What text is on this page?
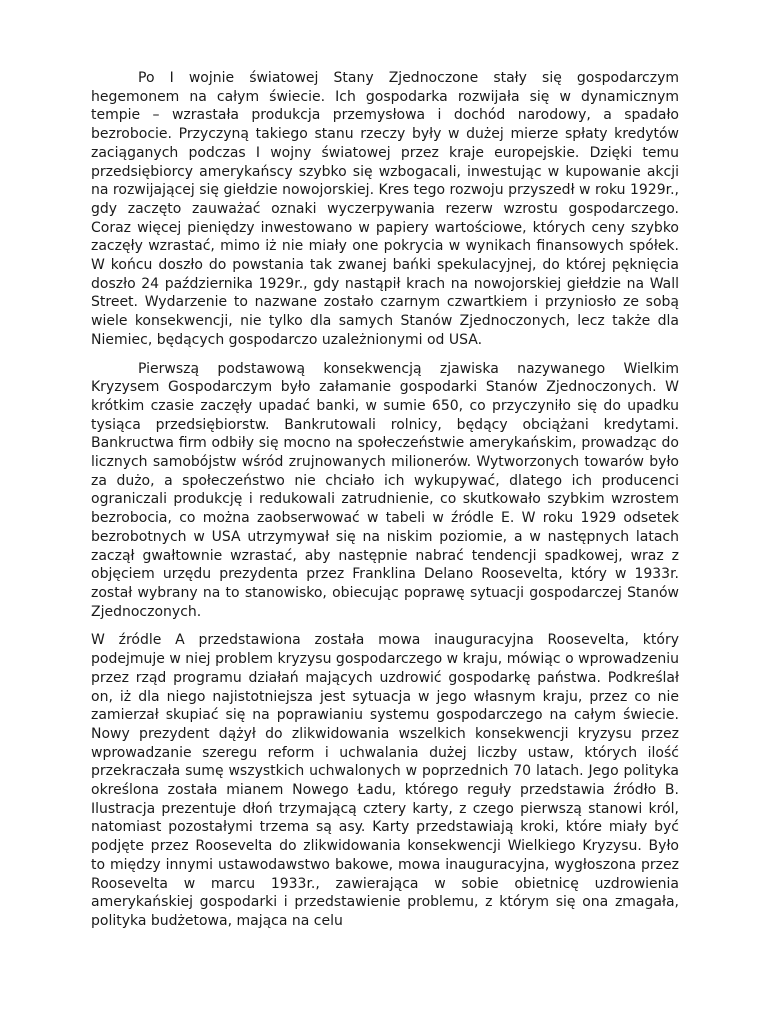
Po I wojnie światowej Stany Zjednoczone stały się gospodarczym hegemonem na całym świecie. Ich gospodarka rozwijała się w dynamicznym tempie – wzrastała produkcja przemysłowa i dochód narodowy, a spadało bezrobocie. Przyczyną takiego stanu rzeczy były w dużej mierze spłaty kredytów zaciąganych podczas I wojny światowej przez kraje europejskie. Dzięki temu przedsiębiorcy amerykańscy szybko się wzbogacali, inwestując w kupowanie akcji na rozwijającej się giełdzie nowojorskiej. Kres tego rozwoju przyszedł w roku 1929r., gdy zaczęto zauważać oznaki wyczerpywania rezerw wzrostu gospodarczego. Coraz więcej pieniędzy inwestowano w papiery wartościowe, których ceny szybko zaczęły wzrastać, mimo iż nie miały one pokrycia w wynikach finansowych spółek. W końcu doszło do powstania tak zwanej bańki spekulacyjnej, do której pęknięcia doszło 24 października 1929r., gdy nastąpił krach na nowojorskiej giełdzie na Wall Street. Wydarzenie to nazwane zostało czarnym czwartkiem i przyniosło ze sobą wiele konsekwencji, nie tylko dla samych Stanów Zjednoczonych, lecz także dla Niemiec, będących gospodarczo uzależnionymi od USA.

Pierwszą podstawową konsekwencją zjawiska nazywanego Wielkim Kryzysem Gospodarczym było załamanie gospodarki Stanów Zjednoczonych. W krótkim czasie zaczęły upadać banki, w sumie 650, co przyczyniło się do upadku tysiąca przedsiębiorstw. Bankrutowali rolnicy, będący obciążani kredytami. Bankructwa firm odbiły się mocno na społeczeństwie amerykańskim, prowadząc do licznych samobójstw wśród zrujnowanych milionerów. Wytworzonych towarów było za dużo, a społeczeństwo nie chciało ich wykupywać, dlatego ich producenci ograniczali produkcję i redukowali zatrudnienie, co skutkowało szybkim wzrostem bezrobocia, co można zaobserwować w tabeli w źródle E. W roku 1929 odsetek bezrobotnych w USA utrzymywał się na niskim poziomie, a w następnych latach zaczął gwałtownie wzrastać, aby następnie nabrać tendencji spadkowej, wraz z objęciem urzędu prezydenta przez Franklina Delano Roosevelta, który w 1933r. został wybrany na to stanowisko, obiecując poprawę sytuacji gospodarczej Stanów Zjednoczonych.

W źródle A przedstawiona została mowa inauguracyjna Roosevelta, który podejmuje w niej problem kryzysu gospodarczego w kraju, mówiąc o wprowadzeniu przez rząd programu działań mających uzdrowić gospodarkę państwa. Podkreślał on, iż dla niego najistotniejsza jest sytuacja w jego własnym kraju, przez co nie zamierzał skupiać się na poprawianiu systemu gospodarczego na całym świecie. Nowy prezydent dążył do zlikwidowania wszelkich konsekwencji kryzysu przez wprowadzanie szeregu reform i uchwalania dużej liczby ustaw, których ilość przekraczała sumę wszystkich uchwalonych w poprzednich 70 latach. Jego polityka określona została mianem Nowego Ładu, którego reguły przedstawia źródło B. Ilustracja prezentuje dłoń trzymającą cztery karty, z czego pierwszą stanowi król, natomiast pozostałymi trzema są asy. Karty przedstawiają kroki, które miały być podjęte przez Roosevelta do zlikwidowania konsekwencji Wielkiego Kryzysu. Było to między innymi ustawodawstwo bakowe, mowa inauguracyjna, wygłoszona przez Roosevelta w marcu 1933r., zawierająca w sobie obietnicę uzdrowienia amerykańskiej gospodarki i przedstawienie problemu, z którym się ona zmagała, polityka budżetowa, mająca na celu
